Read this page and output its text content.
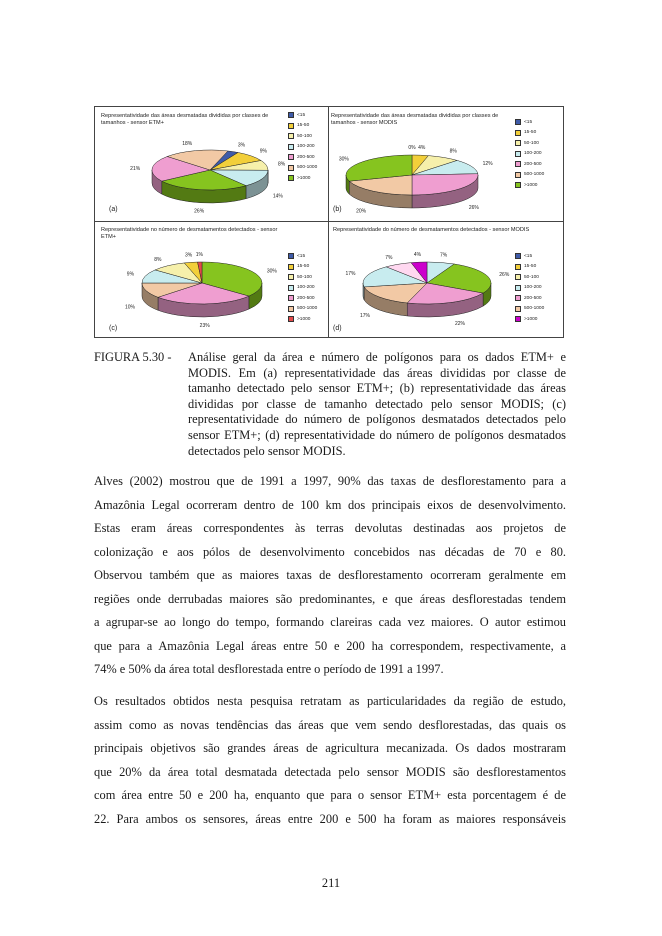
Representatividade das áreas desmatadas divididas por classes de tamanhos - sensor ETM+
<15
15-50
50-100
100-200
200-500
500-1000
>1000
3%
9%
8%
14%
26%
21%
18%
(a)
Representatividade das áreas desmatadas divididas por classes de tamanhos - sensor MODIS	<15
15-50
50-100
100-200
200-500
500-1000
>1000
0% 4%
8%
12%
26%
20%
30%
(b)
Representatividade no número de desmatamentos detectados - sensor ETM+
<15
15-50
50-100
100-200
200-500
500-1000
>1000
30%
23%
10%
9%
8%
3% 1%
(c)
Representatividade do número de desmatamentos detectados - sensor MODIS
<15
15-50
50-100
100-200
200-500
500-1000
>1000
7%
26%
22%
17%
17%
7%	4%
(d)
FIGURA 5.30 -	Análise geral da área e número de polígonos para os dados ETM+ e MODIS. Em (a) representatividade das áreas divididas por classe de tamanho detectado pelo sensor ETM+; (b) representatividade das áreas divididas por classe de tamanho detectado pelo sensor MODIS; (c) representatividade do número de polígonos desmatados detectados pelo sensor ETM+; (d) representatividade do número de polígonos desmatados detectados pelo sensor MODIS.
Alves (2002) mostrou que de 1991 a 1997, 90% das taxas de desflorestamento para a
Amazônia Legal ocorreram dentro de 100 km dos principais eixos de desenvolvimento.
Estas eram áreas correspondentes às terras devolutas destinadas aos projetos de
colonização e aos pólos de desenvolvimento concebidos nas décadas de 70 e 80.
Observou também que as maiores taxas de desflorestamento ocorreram geralmente em
regiões onde derrubadas maiores são predominantes, e que áreas desflorestadas tendem
a agrupar-se ao longo do tempo, formando clareiras cada vez maiores. O autor estimou
que para a Amazônia Legal áreas entre 50 e 200 ha correspondem, respectivamente, a
74% e 50% da área total desflorestada entre o período de 1991 a 1997.
Os resultados obtidos nesta pesquisa retratam as particularidades da região de estudo,
assim como as novas tendências das áreas que vem sendo desflorestadas, das quais os
principais objetivos são grandes áreas de agricultura mecanizada. Os dados mostraram
que 20% da área total desmatada detectada pelo sensor MODIS são desflorestamentos
com área entre 50 e 200 ha, enquanto que para o sensor ETM+ esta porcentagem é de
22. Para ambos os sensores, áreas entre 200 e 500 ha foram as maiores responsáveis
211
